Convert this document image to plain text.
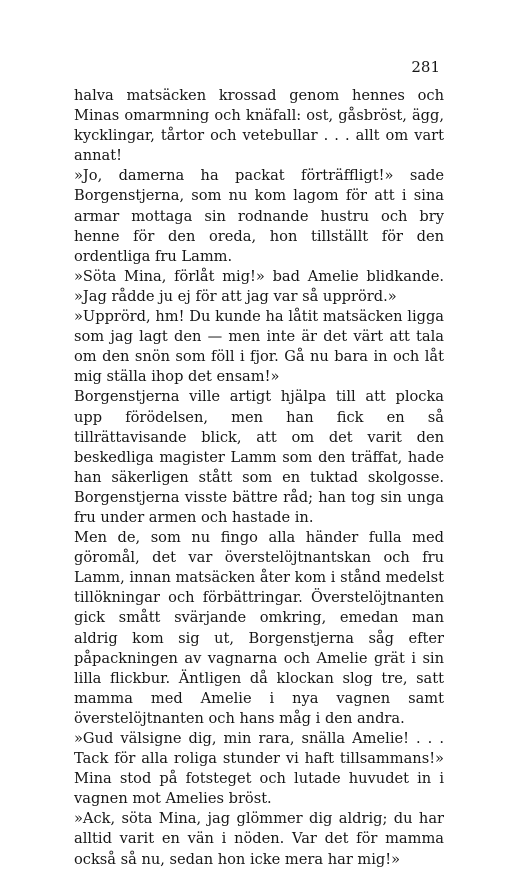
281

halva matsäcken krossad genom hennes och Minas omarmning och knäfall: ost, gåsbröst, ägg, kycklingar, tårtor och vetebullar . . . allt om vart annat!

»Jo, damerna ha packat förträffligt!» sade Borgenstjerna, som nu kom lagom för att i sina armar mottaga sin rodnande hustru och bry henne för den oreda, hon tillställt för den ordentliga fru Lamm.

»Söta Mina, förlåt mig!» bad Amelie blidkande. »Jag rådde ju ej för att jag var så upprörd.»

»Upprörd, hm! Du kunde ha låtit matsäcken ligga som jag lagt den — men inte är det värt att tala om den snön som föll i fjor. Gå nu bara in och låt mig ställa ihop det ensam!»

Borgenstjerna ville artigt hjälpa till att plocka upp förödelsen, men han fick en så tillrättavisande blick, att om det varit den beskedliga magister Lamm som den träffat, hade han säkerligen stått som en tuktad skolgosse. Borgenstjerna visste bättre råd; han tog sin unga fru under armen och hastade in.

Men de, som nu fingo alla händer fulla med göromål, det var överstelöjtnantskan och fru Lamm, innan matsäcken åter kom i stånd medelst tillökningar och förbättringar. Överstelöjtnanten gick smått svärjande omkring, emedan man aldrig kom sig ut, Borgenstjerna såg efter påpackningen av vagnarna och Amelie grät i sin lilla flickbur. Äntligen då klockan slog tre, satt mamma med Amelie i nya vagnen samt överstelöjtnanten och hans måg i den andra.

»Gud välsigne dig, min rara, snälla Amelie! . . . Tack för alla roliga stunder vi haft tillsammans!» Mina stod på fotsteget och lutade huvudet in i vagnen mot Amelies bröst.

»Ack, söta Mina, jag glömmer dig aldrig; du har alltid varit en vän i nöden. Var det för mamma också så nu, sedan hon icke mera har mig!»
